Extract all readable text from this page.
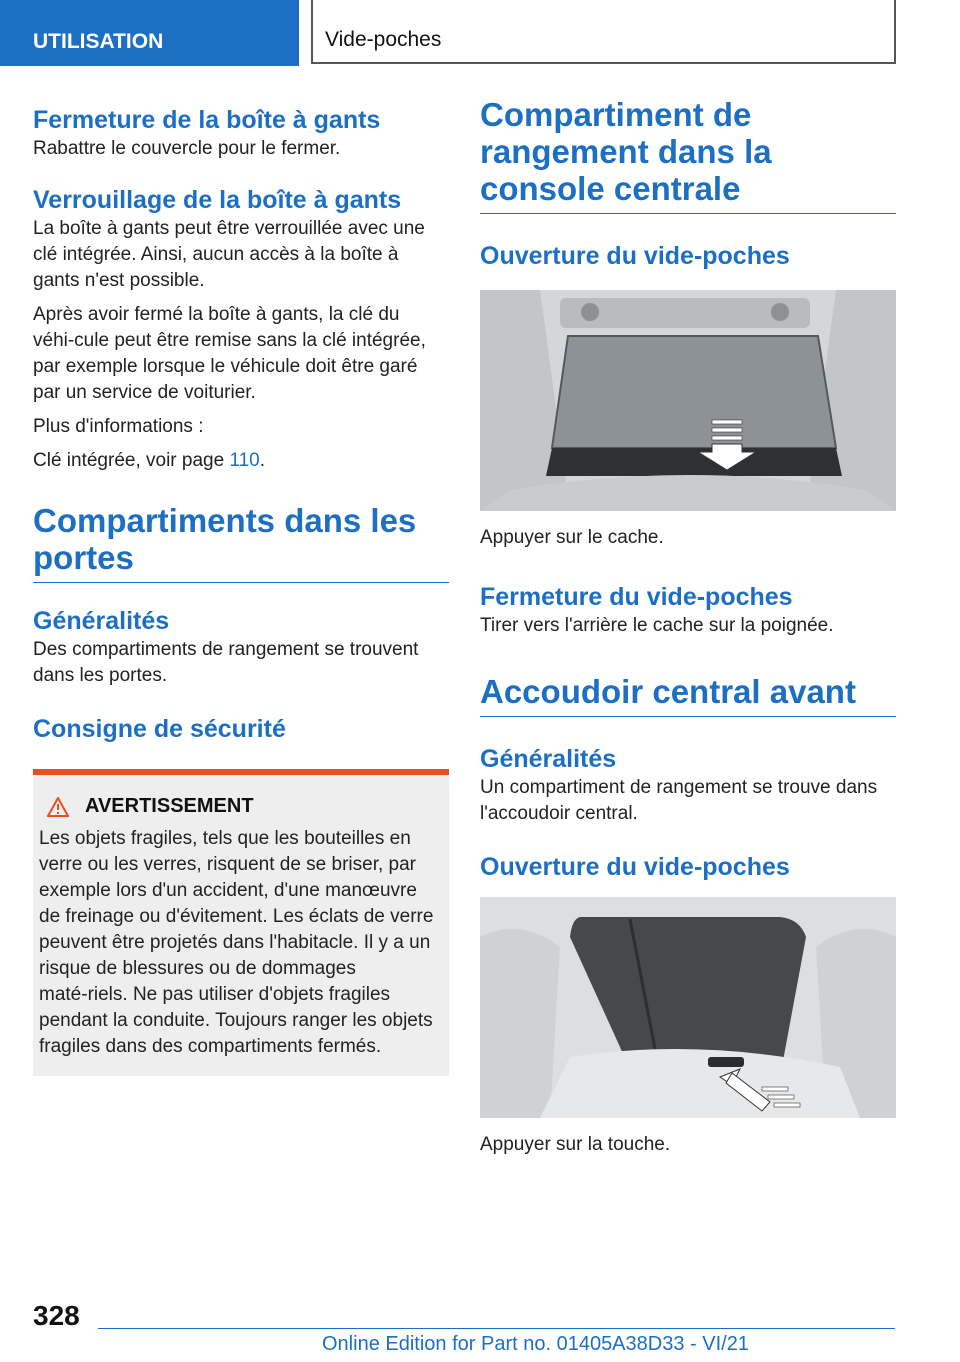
UTILISATION	Vide-poches
Fermeture de la boîte à gants

Rabattre le couvercle pour le fermer.

Verrouillage de la boîte à gants

La boîte à gants peut être verrouillée avec une clé intégrée. Ainsi, aucun accès à la boîte à gants n'est possible.

Après avoir fermé la boîte à gants, la clé du véhi‑cule peut être remise sans la clé intégrée, par exemple lorsque le véhicule doit être garé par un service de voiturier.

Plus d'informations :

Clé intégrée, voir page 110.

Compartiments dans les portes
Généralités

Des compartiments de rangement se trouvent dans les portes.

Consigne de sécurité
AVERTISSEMENT

Les objets fragiles, tels que les bouteilles en verre ou les verres, risquent de se briser, par exemple lors d'un accident, d'une manœuvre de freinage ou d'évitement. Les éclats de verre peuvent être projetés dans l'habitacle. Il y a un risque de blessures ou de dommages maté‑riels. Ne pas utiliser d'objets fragiles pendant la conduite. Toujours ranger les objets fragiles dans des compartiments fermés.

Compartiment de rangement dans la console centrale
Ouverture du vide-poches

Appuyer sur le cache.

Fermeture du vide-poches

Tirer vers l'arrière le cache sur la poignée.

Accoudoir central avant
Généralités

Un compartiment de rangement se trouve dans l'accoudoir central.

Ouverture du vide-poches

Appuyer sur la touche.

328
Online Edition for Part no. 01405A38D33 - VI/21
